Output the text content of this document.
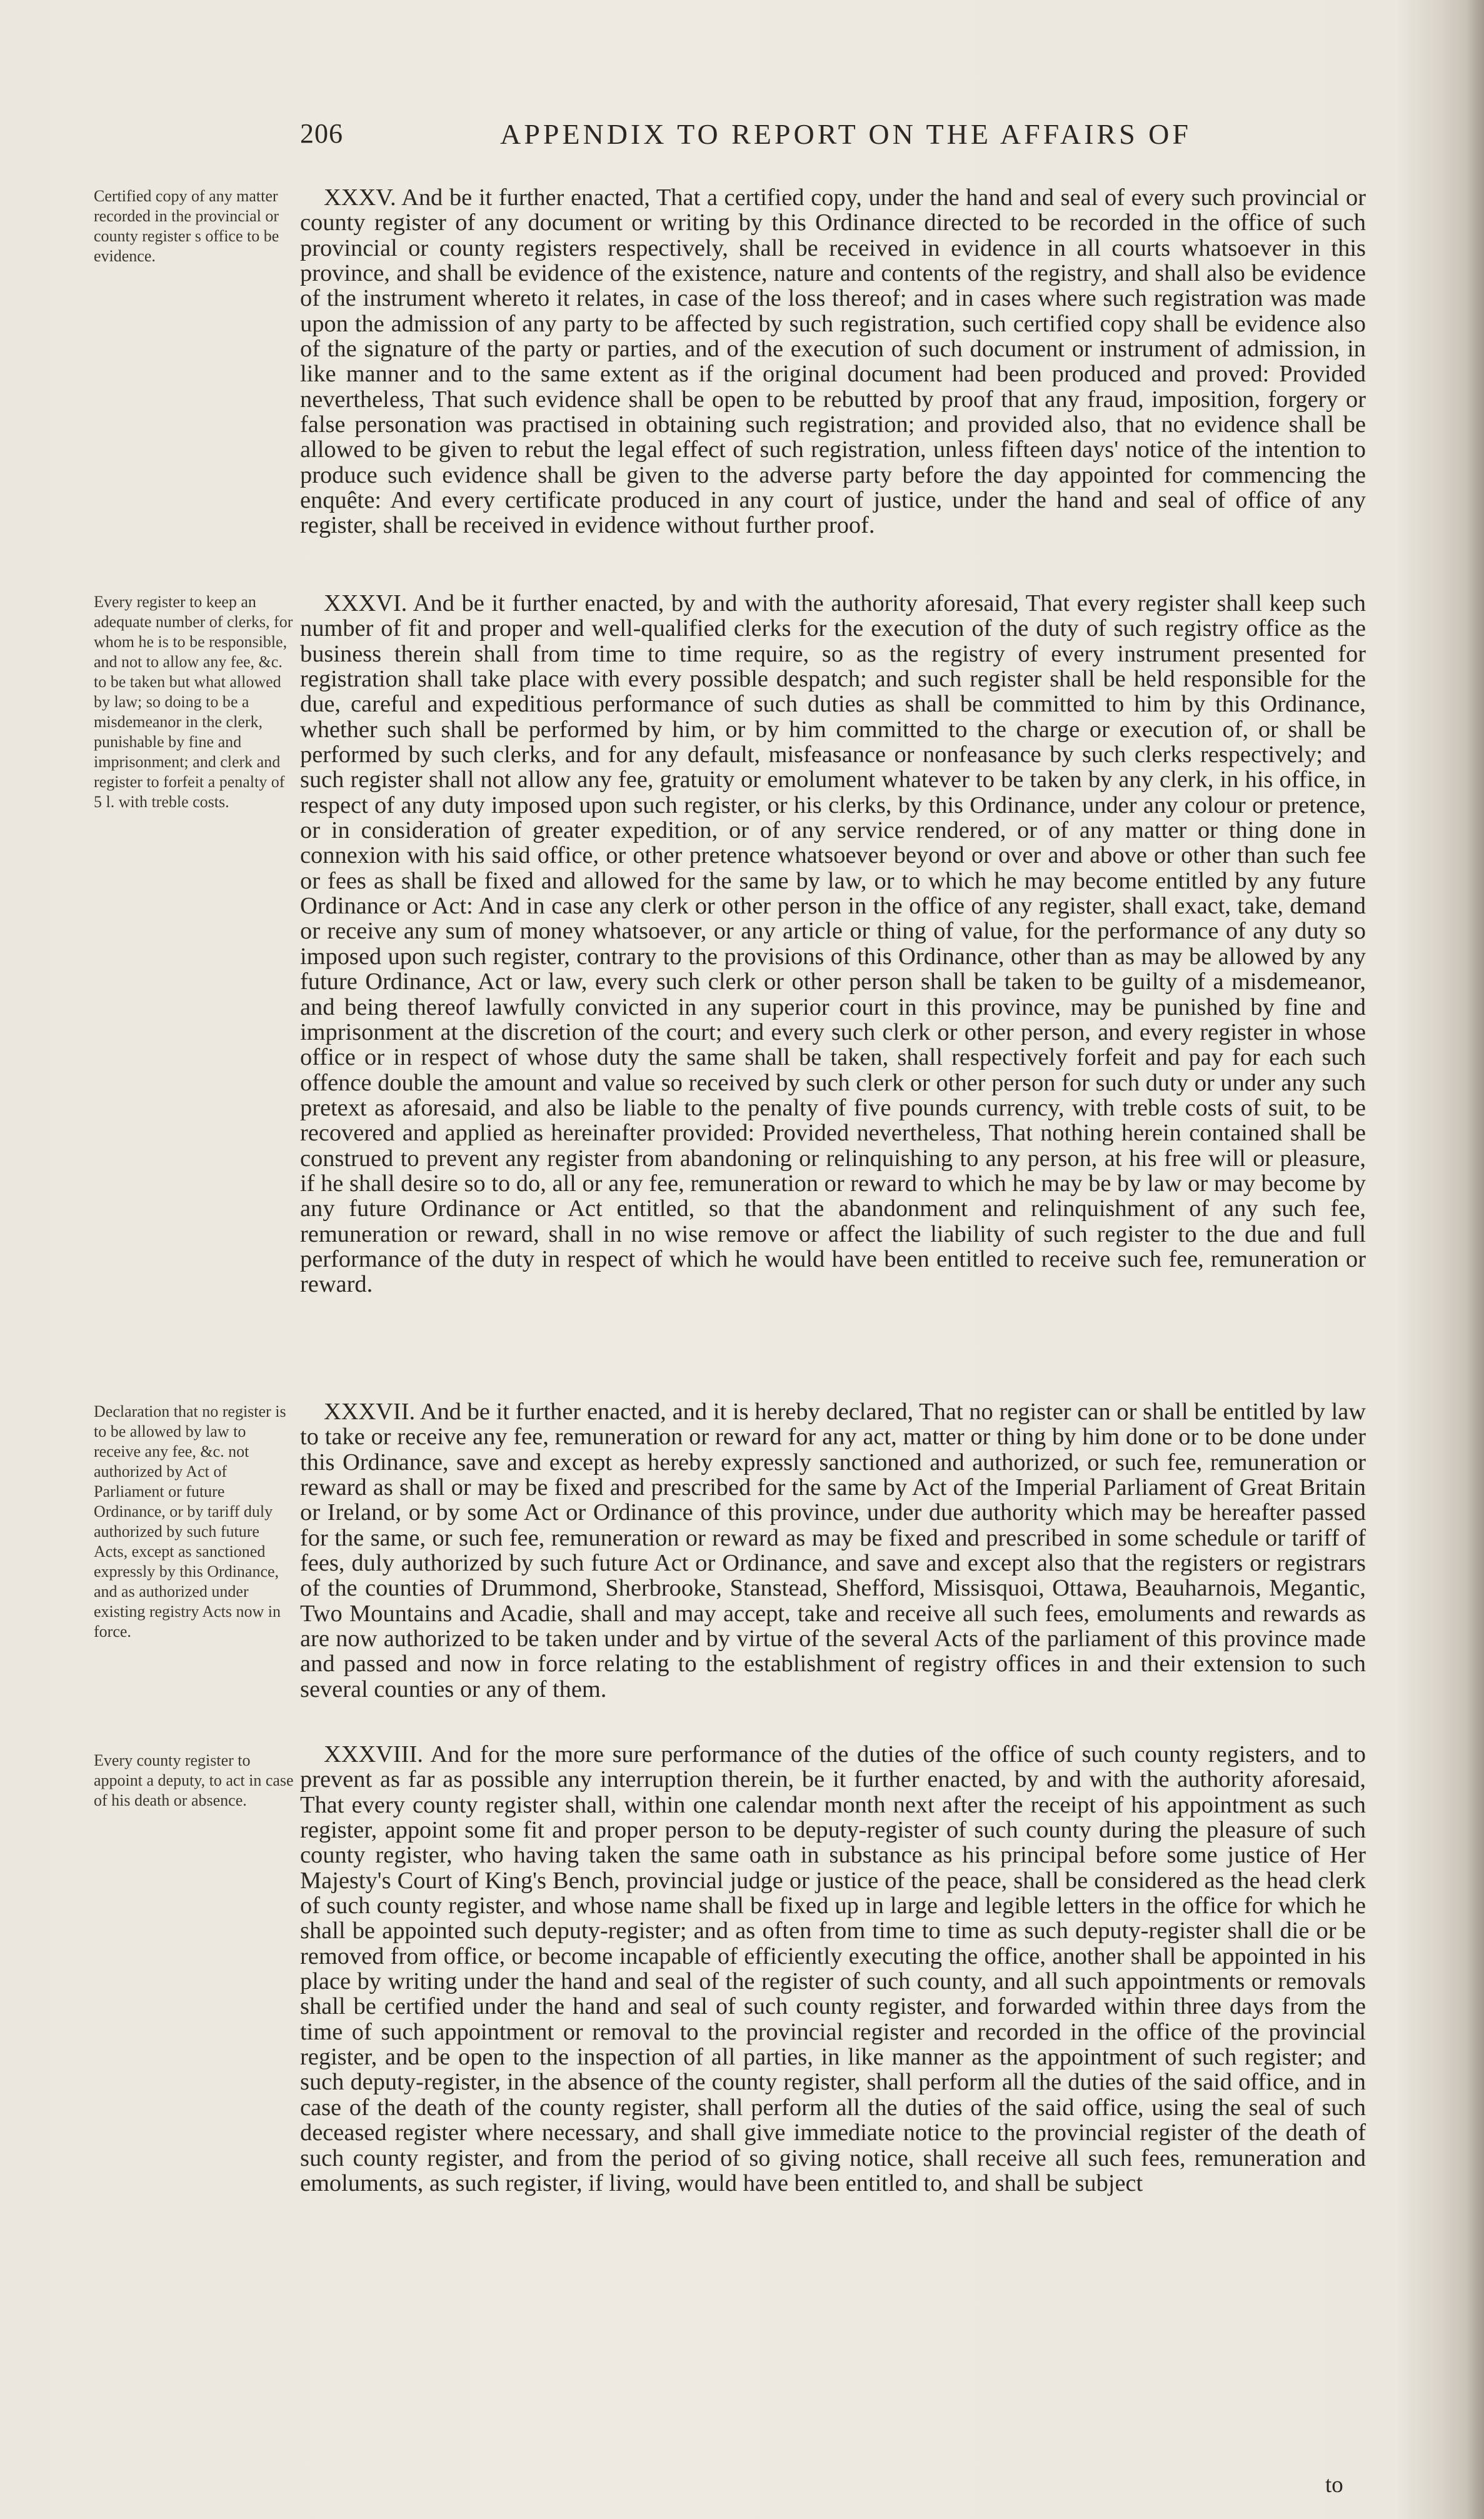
206	APPENDIX TO REPORT ON THE AFFAIRS OF
Certified copy of any matter recorded in the provincial or county register s office to be evidence.

XXXV. And be it further enacted, That a certified copy, under the hand and seal of every such provincial or county register of any document or writing by this Ordinance directed to be recorded in the office of such provincial or county registers respectively, shall be received in evidence in all courts whatsoever in this province, and shall be evidence of the existence, nature and contents of the registry, and shall also be evidence of the instrument whereto it relates, in case of the loss thereof; and in cases where such registration was made upon the admission of any party to be affected by such registration, such certified copy shall be evidence also of the signature of the party or parties, and of the execution of such document or instrument of admission, in like manner and to the same extent as if the original document had been produced and proved: Provided nevertheless, That such evidence shall be open to be rebutted by proof that any fraud, imposition, forgery or false personation was practised in obtaining such registration; and provided also, that no evidence shall be allowed to be given to rebut the legal effect of such registration, unless fifteen days' notice of the intention to produce such evidence shall be given to the adverse party before the day appointed for commencing the enquête: And every certificate produced in any court of justice, under the hand and seal of office of any register, shall be received in evidence without further proof.

Every register to keep an adequate number of clerks, for whom he is to be responsible, and not to allow any fee, &c. to be taken but what allowed by law; so doing to be a misdemeanor in the clerk, punishable by fine and imprisonment; and clerk and register to forfeit a penalty of 5 l. with treble costs.

XXXVI. And be it further enacted, by and with the authority aforesaid, That every register shall keep such number of fit and proper and well-qualified clerks for the execution of the duty of such registry office as the business therein shall from time to time require, so as the registry of every instrument presented for registration shall take place with every possible despatch; and such register shall be held responsible for the due, careful and expeditious performance of such duties as shall be committed to him by this Ordinance, whether such shall be performed by him, or by him committed to the charge or execution of, or shall be performed by such clerks, and for any default, misfeasance or nonfeasance by such clerks respectively; and such register shall not allow any fee, gratuity or emolument whatever to be taken by any clerk, in his office, in respect of any duty imposed upon such register, or his clerks, by this Ordinance, under any colour or pretence, or in consideration of greater expedition, or of any service rendered, or of any matter or thing done in connexion with his said office, or other pretence whatsoever beyond or over and above or other than such fee or fees as shall be fixed and allowed for the same by law, or to which he may become entitled by any future Ordinance or Act: And in case any clerk or other person in the office of any register, shall exact, take, demand or receive any sum of money whatsoever, or any article or thing of value, for the performance of any duty so imposed upon such register, contrary to the provisions of this Ordinance, other than as may be allowed by any future Ordinance, Act or law, every such clerk or other person shall be taken to be guilty of a misdemeanor, and being thereof lawfully convicted in any superior court in this province, may be punished by fine and imprisonment at the discretion of the court; and every such clerk or other person, and every register in whose office or in respect of whose duty the same shall be taken, shall respectively forfeit and pay for each such offence double the amount and value so received by such clerk or other person for such duty or under any such pretext as aforesaid, and also be liable to the penalty of five pounds currency, with treble costs of suit, to be recovered and applied as hereinafter provided: Provided nevertheless, That nothing herein contained shall be construed to prevent any register from abandoning or relinquishing to any person, at his free will or pleasure, if he shall desire so to do, all or any fee, remuneration or reward to which he may be by law or may become by any future Ordinance or Act entitled, so that the abandonment and relinquishment of any such fee, remuneration or reward, shall in no wise remove or affect the liability of such register to the due and full performance of the duty in respect of which he would have been entitled to receive such fee, remuneration or reward.

Declaration that no register is to be allowed by law to receive any fee, &c. not authorized by Act of Parliament or future Ordinance, or by tariff duly authorized by such future Acts, except as sanctioned expressly by this Ordinance, and as authorized under existing registry Acts now in force.

XXXVII. And be it further enacted, and it is hereby declared, That no register can or shall be entitled by law to take or receive any fee, remuneration or reward for any act, matter or thing by him done or to be done under this Ordinance, save and except as hereby expressly sanctioned and authorized, or such fee, remuneration or reward as shall or may be fixed and prescribed for the same by Act of the Imperial Parliament of Great Britain or Ireland, or by some Act or Ordinance of this province, under due authority which may be hereafter passed for the same, or such fee, remuneration or reward as may be fixed and prescribed in some schedule or tariff of fees, duly authorized by such future Act or Ordinance, and save and except also that the registers or registrars of the counties of Drummond, Sherbrooke, Stanstead, Shefford, Missisquoi, Ottawa, Beauharnois, Megantic, Two Mountains and Acadie, shall and may accept, take and receive all such fees, emoluments and rewards as are now authorized to be taken under and by virtue of the several Acts of the parliament of this province made and passed and now in force relating to the establishment of registry offices in and their extension to such several counties or any of them.

Every county register to appoint a deputy, to act in case of his death or absence.

XXXVIII. And for the more sure performance of the duties of the office of such county registers, and to prevent as far as possible any interruption therein, be it further enacted, by and with the authority aforesaid, That every county register shall, within one calendar month next after the receipt of his appointment as such register, appoint some fit and proper person to be deputy-register of such county during the pleasure of such county register, who having taken the same oath in substance as his principal before some justice of Her Majesty's Court of King's Bench, provincial judge or justice of the peace, shall be considered as the head clerk of such county register, and whose name shall be fixed up in large and legible letters in the office for which he shall be appointed such deputy-register; and as often from time to time as such deputy-register shall die or be removed from office, or become incapable of efficiently executing the office, another shall be appointed in his place by writing under the hand and seal of the register of such county, and all such appointments or removals shall be certified under the hand and seal of such county register, and forwarded within three days from the time of such appointment or removal to the provincial register and recorded in the office of the provincial register, and be open to the inspection of all parties, in like manner as the appointment of such register; and such deputy-register, in the absence of the county register, shall perform all the duties of the said office, and in case of the death of the county register, shall perform all the duties of the said office, using the seal of such deceased register where necessary, and shall give immediate notice to the provincial register of the death of such county register, and from the period of so giving notice, shall receive all such fees, remuneration and emoluments, as such register, if living, would have been entitled to, and shall be subject

to
